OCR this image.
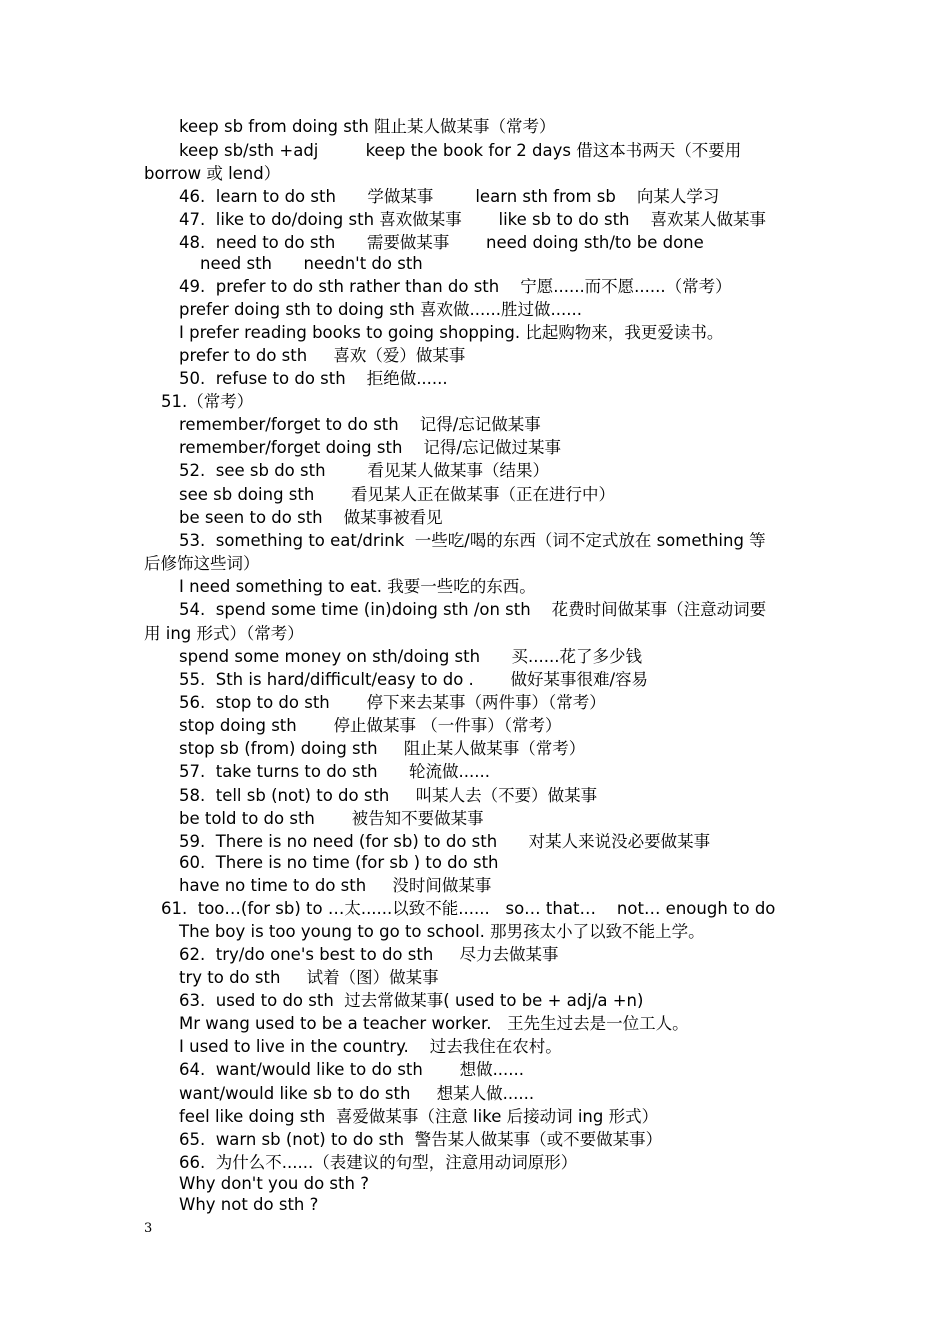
keep sb from doing sth 阻止某人做某事（常考）
keep sb/sth +adj         keep the book for 2 days 借这本书两天（不要用
borrow 或 lend）
46.  learn to do sth      学做某事        learn sth from sb    向某人学习
47.  like to do/doing sth 喜欢做某事       like sb to do sth    喜欢某人做某事
48.  need to do sth      需要做某事       need doing sth/to be done
need sth      needn't do sth
49.  prefer to do sth rather than do sth    宁愿......而不愿......（常考）
prefer doing sth to doing sth 喜欢做......胜过做......
I prefer reading books to going shopping. 比起购物来，我更爱读书。
prefer to do sth     喜欢（爱）做某事
50.  refuse to do sth    拒绝做......
51.（常考）
remember/forget to do sth    记得/忘记做某事
remember/forget doing sth    记得/忘记做过某事
52.  see sb do sth        看见某人做某事（结果）
see sb doing sth       看见某人正在做某事（正在进行中）
be seen to do sth    做某事被看见
53.  something to eat/drink  一些吃/喝的东西（词不定式放在 something 等
后修饰这些词）
I need something to eat. 我要一些吃的东西。
54.  spend some time (in)doing sth /on sth    花费时间做某事（注意动词要
用 ing 形式）（常考）
spend some money on sth/doing sth      买......花了多少钱
55.  Sth is hard/difficult/easy to do .       做好某事很难/容易
56.  stop to do sth       停下来去某事（两件事）（常考）
stop doing sth       停止做某事 （一件事）（常考）
stop sb (from) doing sth     阻止某人做某事（常考）
57.  take turns to do sth      轮流做......
58.  tell sb (not) to do sth     叫某人去（不要）做某事
be told to do sth       被告知不要做某事
59.  There is no need (for sb) to do sth      对某人来说没必要做某事
60.  There is no time (for sb ) to do sth
have no time to do sth     没时间做某事
61.  too…(for sb) to …太......以致不能......   so… that…    not… enough to do
The boy is too young to go to school. 那男孩太小了以致不能上学。
62.  try/do one's best to do sth     尽力去做某事
try to do sth     试着（图）做某事
63.  used to do sth  过去常做某事( used to be + adj/a +n)
Mr wang used to be a teacher worker.   王先生过去是一位工人。
I used to live in the country.    过去我住在农村。
64.  want/would like to do sth       想做......
want/would like sb to do sth     想某人做......
feel like doing sth  喜爱做某事（注意 like 后接动词 ing 形式）
65.  warn sb (not) to do sth  警告某人做某事（或不要做某事）
66.  为什么不......（表建议的句型，注意用动词原形）
Why don't you do sth ?
Why not do sth ?
3
